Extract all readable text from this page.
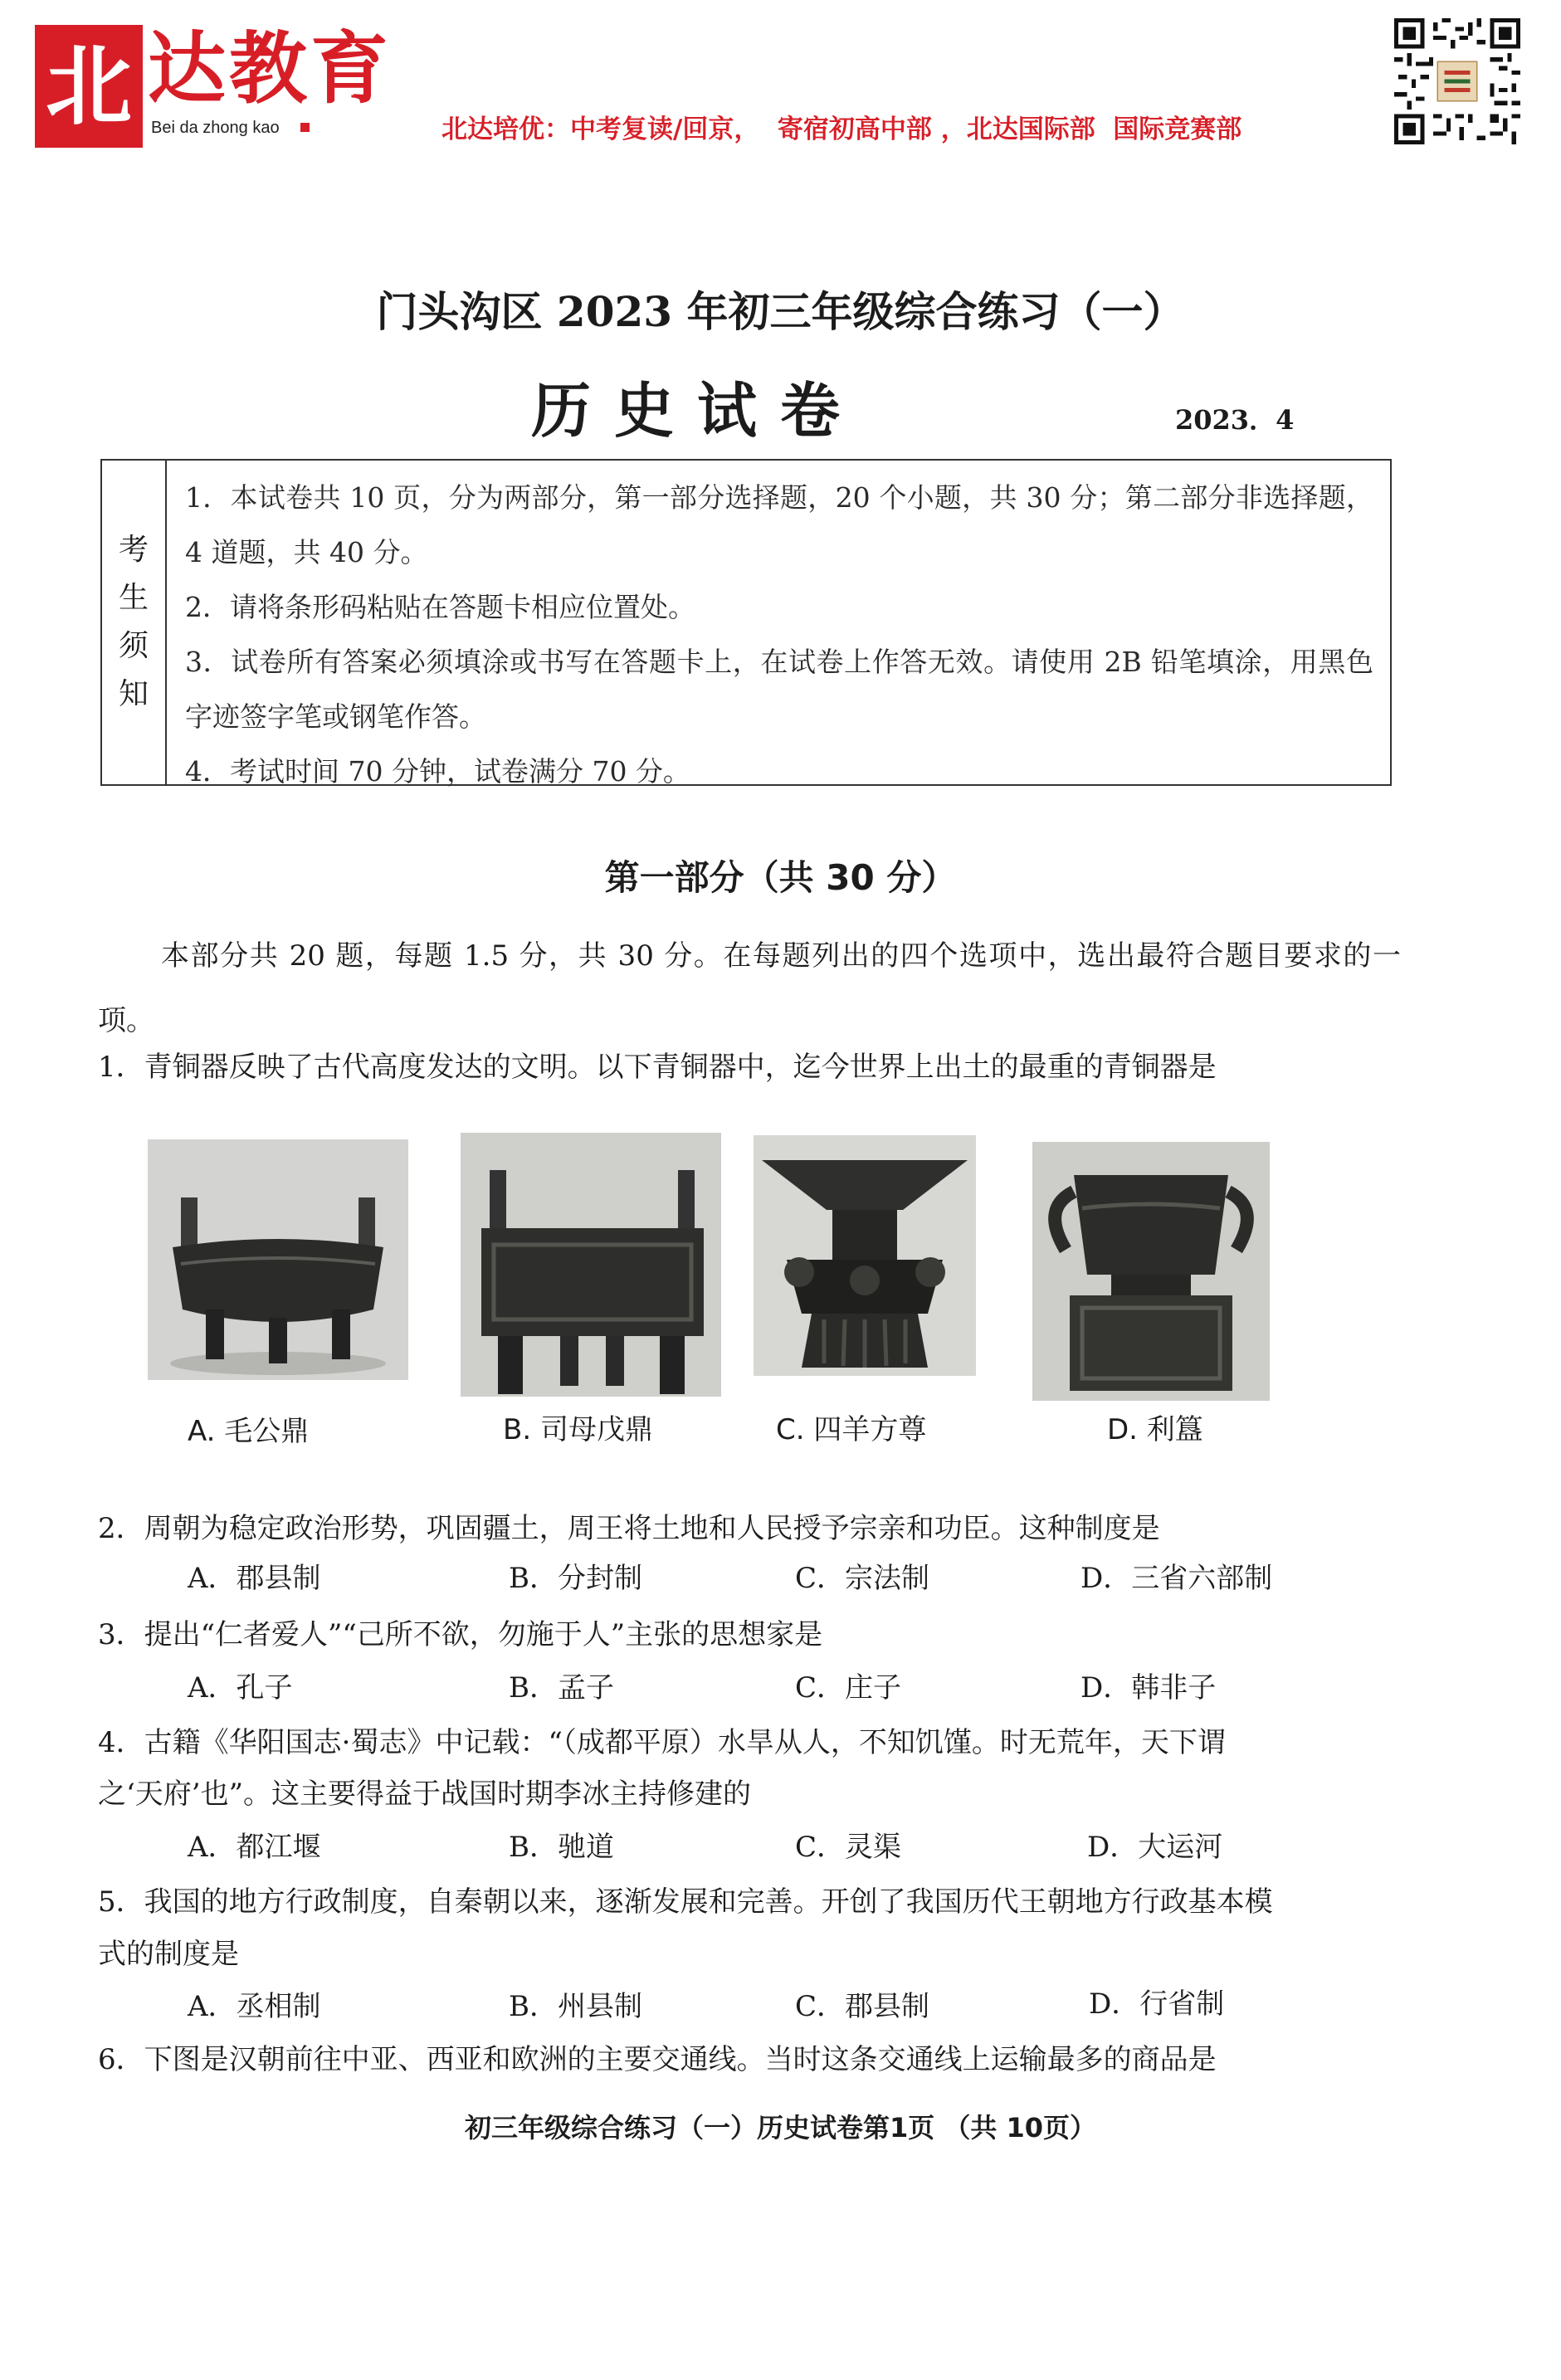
北 达教育
Bei da zhong kao	北达培优：中考复读/回京，  寄宿初高中部 ，北达国际部  国际竞赛部
门头沟区 2023 年初三年级综合练习（一）
历史试卷	2023．4
考
生
须
知

1．本试卷共 10 页，分为两部分，第一部分选择题，20 个小题，共 30 分；第二部分非选择题，4 道题，共 40 分。

2．请将条形码粘贴在答题卡相应位置处。

3．试卷所有答案必须填涂或书写在答题卡上，在试卷上作答无效。请使用 2B 铅笔填涂，用黑色字迹签字笔或钢笔作答。

4．考试时间 70 分钟，试卷满分 70 分。

第一部分（共 30 分）
本部分共 20 题，每题 1.5 分，共 30 分。在每题列出的四个选项中，选出最符合题目要求的一项。
1．青铜器反映了古代高度发达的文明。以下青铜器中，迄今世界上出土的最重的青铜器是
A. 毛公鼎	B. 司母戊鼎	C. 四羊方尊	D. 利簋
2．周朝为稳定政治形势，巩固疆土，周王将土地和人民授予宗亲和功臣。这种制度是
A．郡县制	B．分封制	C．宗法制	D．三省六部制
3．提出“仁者爱人”“己所不欲，勿施于人”主张的思想家是
A．孔子	B．孟子	C．庄子	D．韩非子
4．古籍《华阳国志·蜀志》中记载：“（成都平原）水旱从人，不知饥馑。时无荒年，天下谓
之‘天府’也”。这主要得益于战国时期李冰主持修建的
A．都江堰	B．驰道	C．灵渠	D．大运河
5．我国的地方行政制度，自秦朝以来，逐渐发展和完善。开创了我国历代王朝地方行政基本模
式的制度是
A．丞相制	B．州县制	C．郡县制	D．行省制
6．下图是汉朝前往中亚、西亚和欧洲的主要交通线。当时这条交通线上运输最多的商品是
初三年级综合练习（一）历史试卷第1页 （共 10页）
